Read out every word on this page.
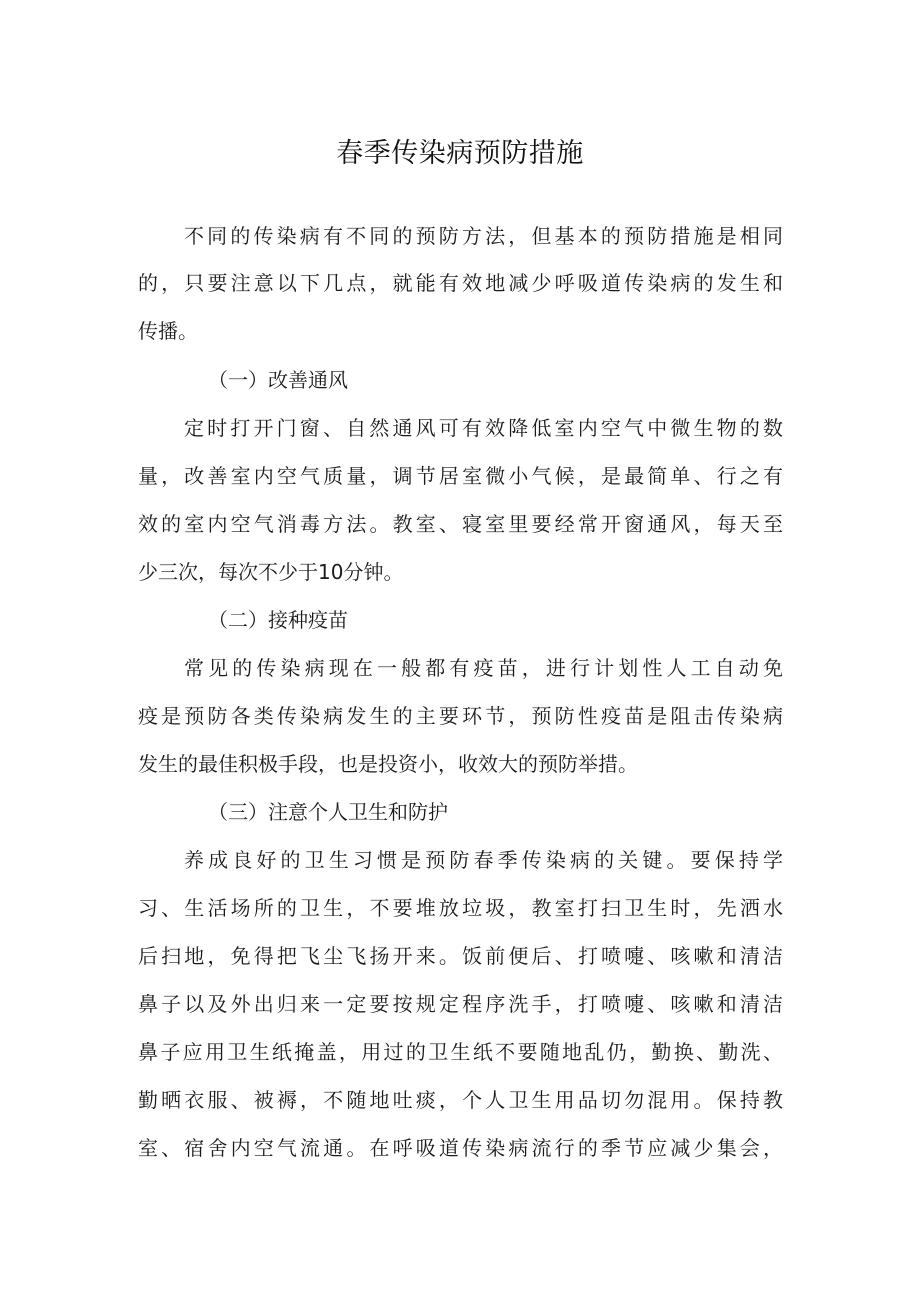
春季传染病预防措施
不同的传染病有不同的预防方法，但基本的预防措施是相同
的，只要注意以下几点，就能有效地减少呼吸道传染病的发生和
传播。
（一）改善通风
定时打开门窗、自然通风可有效降低室内空气中微生物的数
量，改善室内空气质量，调节居室微小气候，是最简单、行之有
效的室内空气消毒方法。教室、寝室里要经常开窗通风，每天至
少三次，每次不少于10分钟。
（二）接种疫苗
常见的传染病现在一般都有疫苗，进行计划性人工自动免
疫是预防各类传染病发生的主要环节，预防性疫苗是阻击传染病
发生的最佳积极手段，也是投资小，收效大的预防举措。
（三）注意个人卫生和防护
养成良好的卫生习惯是预防春季传染病的关键。要保持学
习、生活场所的卫生，不要堆放垃圾，教室打扫卫生时，先洒水
后扫地，免得把飞尘飞扬开来。饭前便后、打喷嚏、咳嗽和清洁
鼻子以及外出归来一定要按规定程序洗手，打喷嚏、咳嗽和清洁
鼻子应用卫生纸掩盖，用过的卫生纸不要随地乱仍，勤换、勤洗、
勤晒衣服、被褥，不随地吐痰，个人卫生用品切勿混用。保持教
室、宿舍内空气流通。在呼吸道传染病流行的季节应减少集会，
